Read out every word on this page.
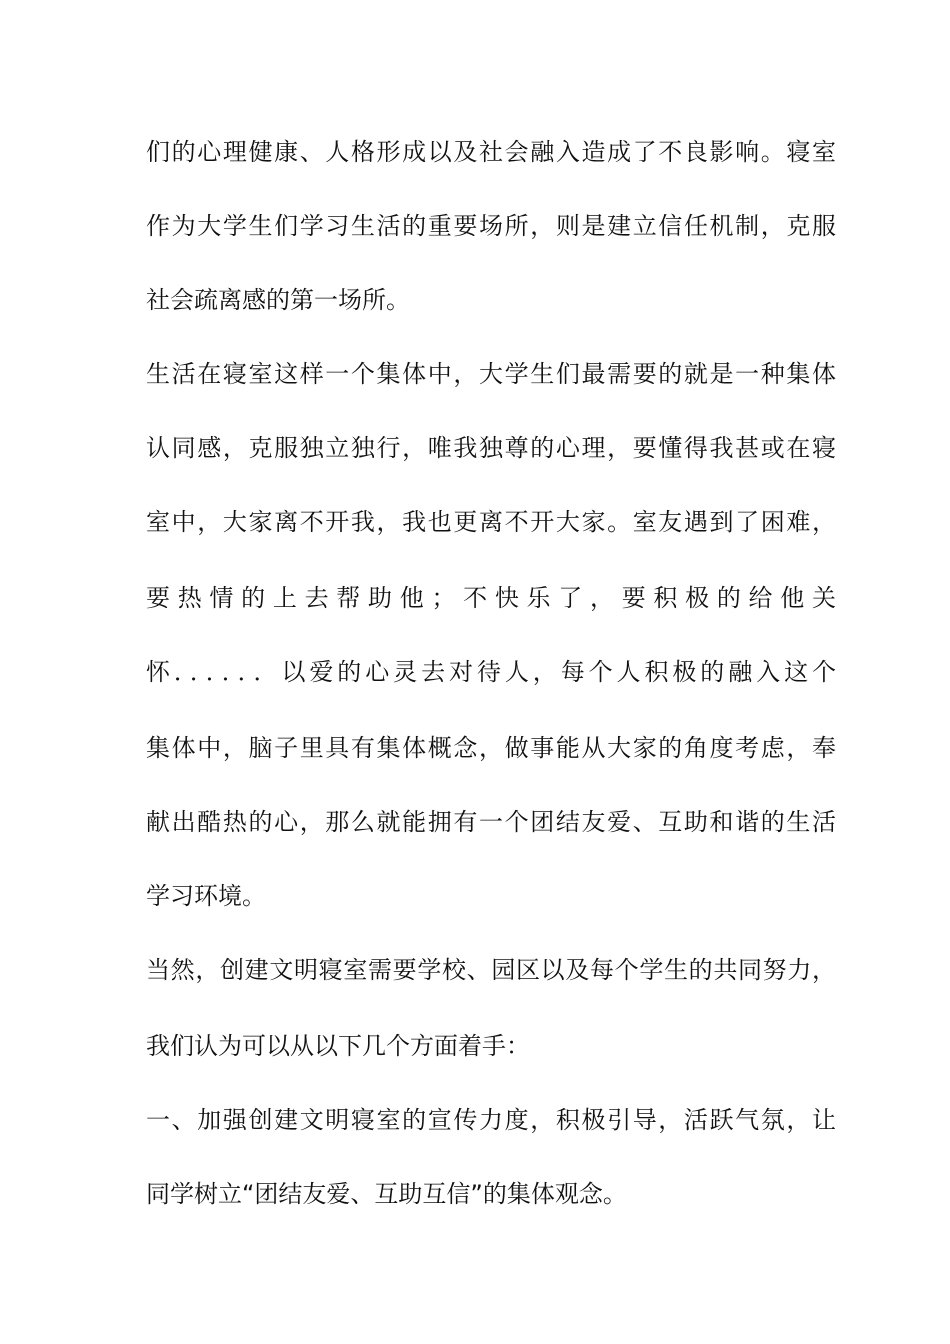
们的心理健康、人格形成以及社会融入造成了不良影响。寝室
作为大学生们学习生活的重要场所，则是建立信任机制，克服
社会疏离感的第一场所。
生活在寝室这样一个集体中，大学生们最需要的就是一种集体
认同感，克服独立独行，唯我独尊的心理，要懂得我甚或在寝
室中，大家离不开我，我也更离不开大家。室友遇到了困难，
要 热 情 的 上 去 帮 助 他 ； 不 快 乐 了 ， 要 积 极 的 给 他 关
怀．．．．．．以爱的心灵去对待人，每个人积极的融入这个
集体中，脑子里具有集体概念，做事能从大家的角度考虑，奉
献出酷热的心，那么就能拥有一个团结友爱、互助和谐的生活
学习环境。
当然，创建文明寝室需要学校、园区以及每个学生的共同努力，
我们认为可以从以下几个方面着手：
一、加强创建文明寝室的宣传力度，积极引导，活跃气氛，让
同学树立“团结友爱、互助互信”的集体观念。
